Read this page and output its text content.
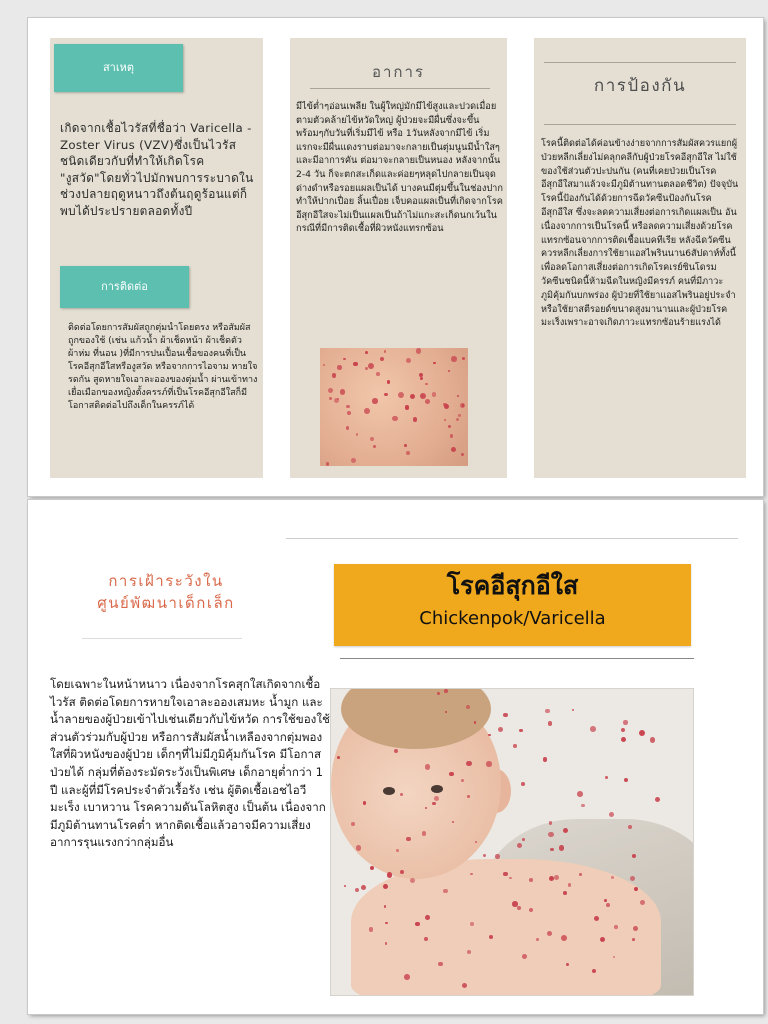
สาเหตุ
เกิดจากเชื้อไวรัสที่ชื่อว่า Varicella - Zoster Virus (VZV)ซึ่งเป็นไวรัสชนิดเดียวกับที่ทำให้เกิดโรค "งูสวัด"โดยทั่วไปมักพบการระบาดในช่วงปลายฤดูหนาวถึงต้นฤดูร้อนแต่ก็พบได้ประปรายตลอดทั้งปี
การติดต่อ
ติดต่อโดยการสัมผัสถูกตุ่มน้ำโดยตรง หรือสัมผัสถูกของใช้ (เช่น แก้วน้ำ ผ้าเช็ดหน้า ผ้าเช็ดตัว ผ้าห่ม ที่นอน )ที่มีการปนเปื้อนเชื้อของคนที่เป็นโรคอีสุกอีใสหรืองูสวัด หรือจากการไอจาม หายใจรดกัน สูดหายใจเอาละอองของตุ่มน้ำ ผ่านเข้าทางเยื่อเมือกของหญิงตั้งครรภ์ที่เป็นโรคอีสุกอีใสก็มีโอกาสติดต่อไปถึงเด็กในครรภ์ได้
อาการ
มีไข้ต่ำๆอ่อนเพลีย ในผู้ใหญ่มักมีไข้สูงและปวดเมื่อยตามตัวคล้ายไข้หวัดใหญ่ ผู้ป่วยจะมีผื่นซึ่งจะขึ้นพร้อมๆกับวันที่เริ่มมีไข้ หรือ 1วันหลังจากมีไข้ เริ่มแรกจะมีผื่นแดงราบต่อมาจะกลายเป็นตุ่มนูนมีน้ำใสๆและมีอาการคัน ต่อมาจะกลายเป็นหนอง หลังจากนั้น 2-4 วัน ก็จะตกสะเก็ดและค่อยๆหลุดไปกลายเป็นจุดด่างดำหรือรอยแผลเป็นได้ บางคนมีตุ่มขึ้นในช่องปาก ทำให้ปากเปื่อย ลิ้นเปื่อย เจ็บคอแผลเป็นที่เกิดจากโรคอีสุกอีใสจะไม่เป็นแผลเป็นถ้าไม่แกะสะเก็ดนกเว้นในกรณีที่มีการติดเชื้อที่ผิวหนังแทรกซ้อน
การป้องกัน
โรคนี้ติดต่อได้ค่อนข้างง่ายจากการสัมผัสควรแยกผู้ป่วยหลีกเลี่ยงไม่คลุกคลีกับผู้ป่วยโรคอีสุกอีใส ไม่ใช้ของใช้ส่วนตัวปะปนกัน (คนที่เคยป่วยเป็นโรคอีสุกอีใสมาแล้วจะมีภูมิต้านทานตลอดชีวิต) ปัจจุบันโรคนี้ป้องกันได้ด้วยการฉีดวัคซีนป้องกันโรคอีสุกอีใส ซึ่งจะลดความเสี่ยงต่อการเกิดแผลเป็น อันเนื่องจากการเป็นโรคนี้ หรือลดความเสี่ยงด้วยโรคแทรกซ้อนจากการติดเชื้อแบคทีเรีย หลังฉีดวัคซีนควรหลีกเลี่ยงการใช้ยาแอสไพรินนาน6สัปดาห์ทั้งนี้เพื่อลดโอกาสเสี่ยงต่อการเกิดโรคเรย์ซินโดรม วัคซีนชนิดนี้ห้ามฉีดในหญิงมีครรภ์ คนที่มีภาวะภูมิคุ้มกันบกพร่อง ผู้ป่วยที่ใช้ยาแอสไพรินอยู่ประจำ หรือใช้ยาสตีรอยด์ขนาดสูงมานานและผู้ป่วยโรคมะเร็งเพราะอาจเกิดภาวะแทรกซ้อนร้ายแรงได้
การเฝ้าระวังใน
ศูนย์พัฒนาเด็กเล็ก
โดยเฉพาะในหน้าหนาว เนื่องจากโรคสุกใสเกิดจากเชื้อไวรัส ติดต่อโดยการหายใจเอาละอองเสมหะ น้ำมูก และน้ำลายของผู้ป่วยเข้าไปเช่นเดียวกับไข้หวัด การใช้ของใช้ส่วนตัวร่วมกับผู้ป่วย หรือการสัมผัสน้ำเหลืองจากตุ่มพองใสที่ผิวหนังของผู้ป่วย เด็กๆที่ไม่มีภูมิคุ้มกันโรค มีโอกาสป่วยได้ กลุ่มที่ต้องระมัดระวังเป็นพิเศษ เด็กอายุต่ำกว่า 1 ปี และผู้ที่มีโรคประจำตัวเรื้อรัง เช่น ผู้ติดเชื้อเอชไอวี มะเร็ง เบาหวาน โรคความดันโลหิตสูง เป็นต้น เนื่องจากมีภูมิต้านทานโรคต่ำ หากติดเชื้อแล้วอาจมีความเสี่ยงอาการรุนแรงกว่ากลุ่มอื่น
โรคอีสุกอีใส
Chickenpok/Varicella
